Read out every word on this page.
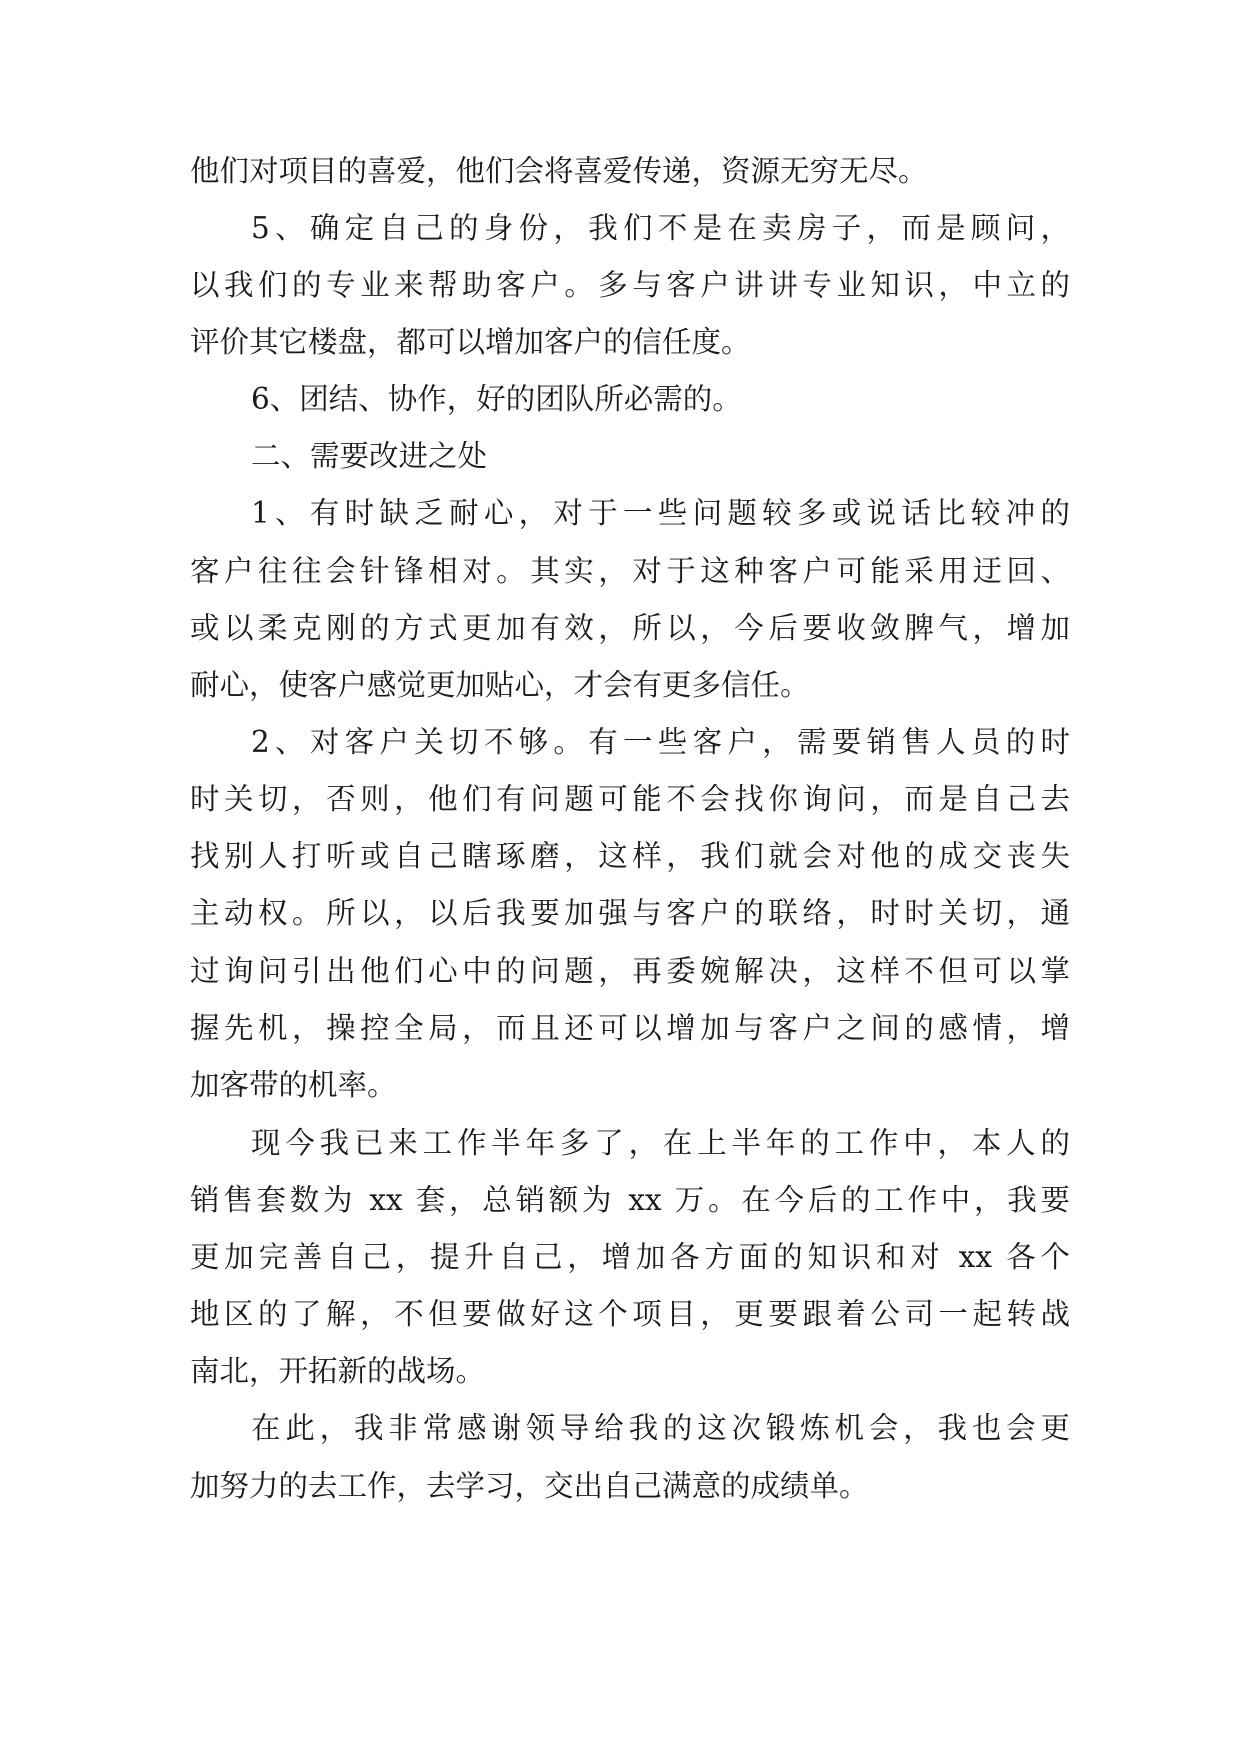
他们对项目的喜爱，他们会将喜爱传递，资源无穷无尽。
5、确定自己的身份，我们不是在卖房子，而是顾问，
以我们的专业来帮助客户。多与客户讲讲专业知识，中立的
评价其它楼盘，都可以增加客户的信任度。
6、团结、协作，好的团队所必需的。
二、需要改进之处
1、有时缺乏耐心，对于一些问题较多或说话比较冲的
客户往往会针锋相对。其实，对于这种客户可能采用迂回、
或以柔克刚的方式更加有效，所以，今后要收敛脾气，增加
耐心，使客户感觉更加贴心，才会有更多信任。
2、对客户关切不够。有一些客户，需要销售人员的时
时关切，否则，他们有问题可能不会找你询问，而是自己去
找别人打听或自己瞎琢磨，这样，我们就会对他的成交丧失
主动权。所以，以后我要加强与客户的联络，时时关切，通
过询问引出他们心中的问题，再委婉解决，这样不但可以掌
握先机，操控全局，而且还可以增加与客户之间的感情，增
加客带的机率。
现今我已来工作半年多了，在上半年的工作中，本人的
销售套数为 xx 套，总销额为 xx 万。在今后的工作中，我要
更加完善自己，提升自己，增加各方面的知识和对 xx 各个
地区的了解，不但要做好这个项目，更要跟着公司一起转战
南北，开拓新的战场。
在此，我非常感谢领导给我的这次锻炼机会，我也会更
加努力的去工作，去学习，交出自己满意的成绩单。
